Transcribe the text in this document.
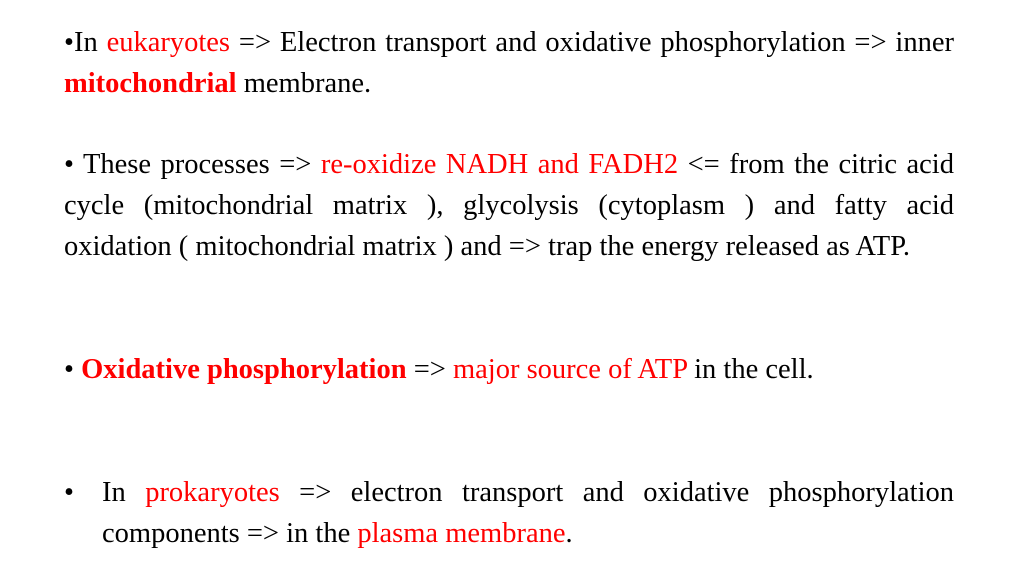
•In eukaryotes => Electron transport and oxidative phosphorylation => inner mitochondrial membrane.

• These processes => re-oxidize NADH and FADH2 <= from the citric acid cycle (mitochondrial matrix ), glycolysis (cytoplasm ) and fatty acid oxidation ( mitochondrial matrix ) and => trap the energy released as ATP.

• Oxidative phosphorylation => major source of ATP in the cell.

• In prokaryotes => electron transport and oxidative phosphorylation components => in the plasma membrane.
